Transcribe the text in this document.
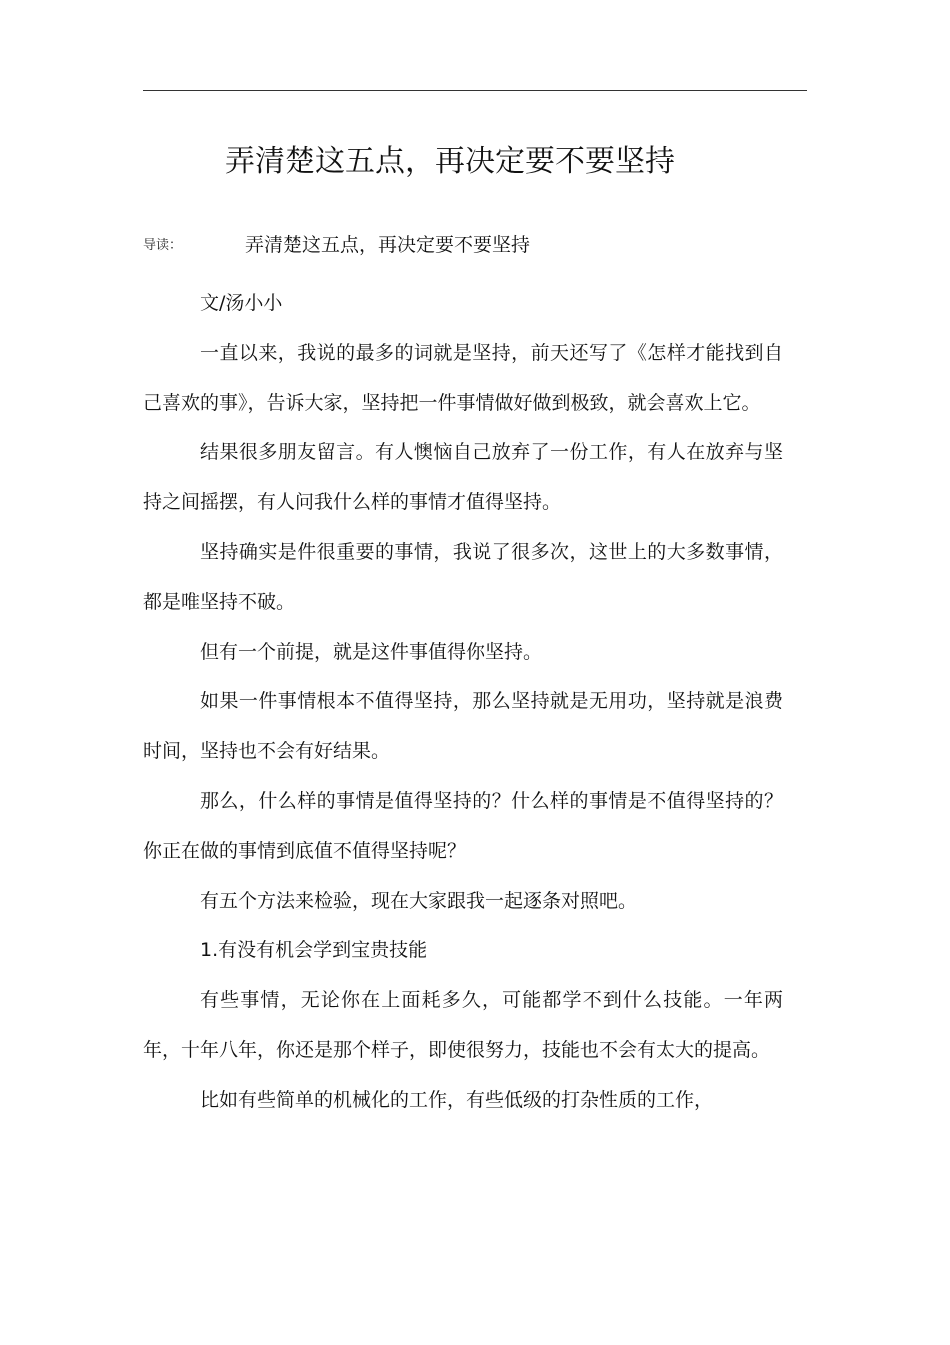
弄清楚这五点，再决定要不要坚持
导读：	弄清楚这五点，再决定要不要坚持

文/汤小小

一直以来，我说的最多的词就是坚持，前天还写了《怎样才能找到自己喜欢的事》，告诉大家，坚持把一件事情做好做到极致，就会喜欢上它。

结果很多朋友留言。有人懊恼自己放弃了一份工作，有人在放弃与坚持之间摇摆，有人问我什么样的事情才值得坚持。

坚持确实是件很重要的事情，我说了很多次，这世上的大多数事情，都是唯坚持不破。

但有一个前提，就是这件事值得你坚持。

如果一件事情根本不值得坚持，那么坚持就是无用功，坚持就是浪费时间，坚持也不会有好结果。

那么，什么样的事情是值得坚持的？什么样的事情是不值得坚持的？你正在做的事情到底值不值得坚持呢？

有五个方法来检验，现在大家跟我一起逐条对照吧。

1.有没有机会学到宝贵技能

有些事情，无论你在上面耗多久，可能都学不到什么技能。一年两年，十年八年，你还是那个样子，即使很努力，技能也不会有太大的提高。

比如有些简单的机械化的工作，有些低级的打杂性质的工作，
